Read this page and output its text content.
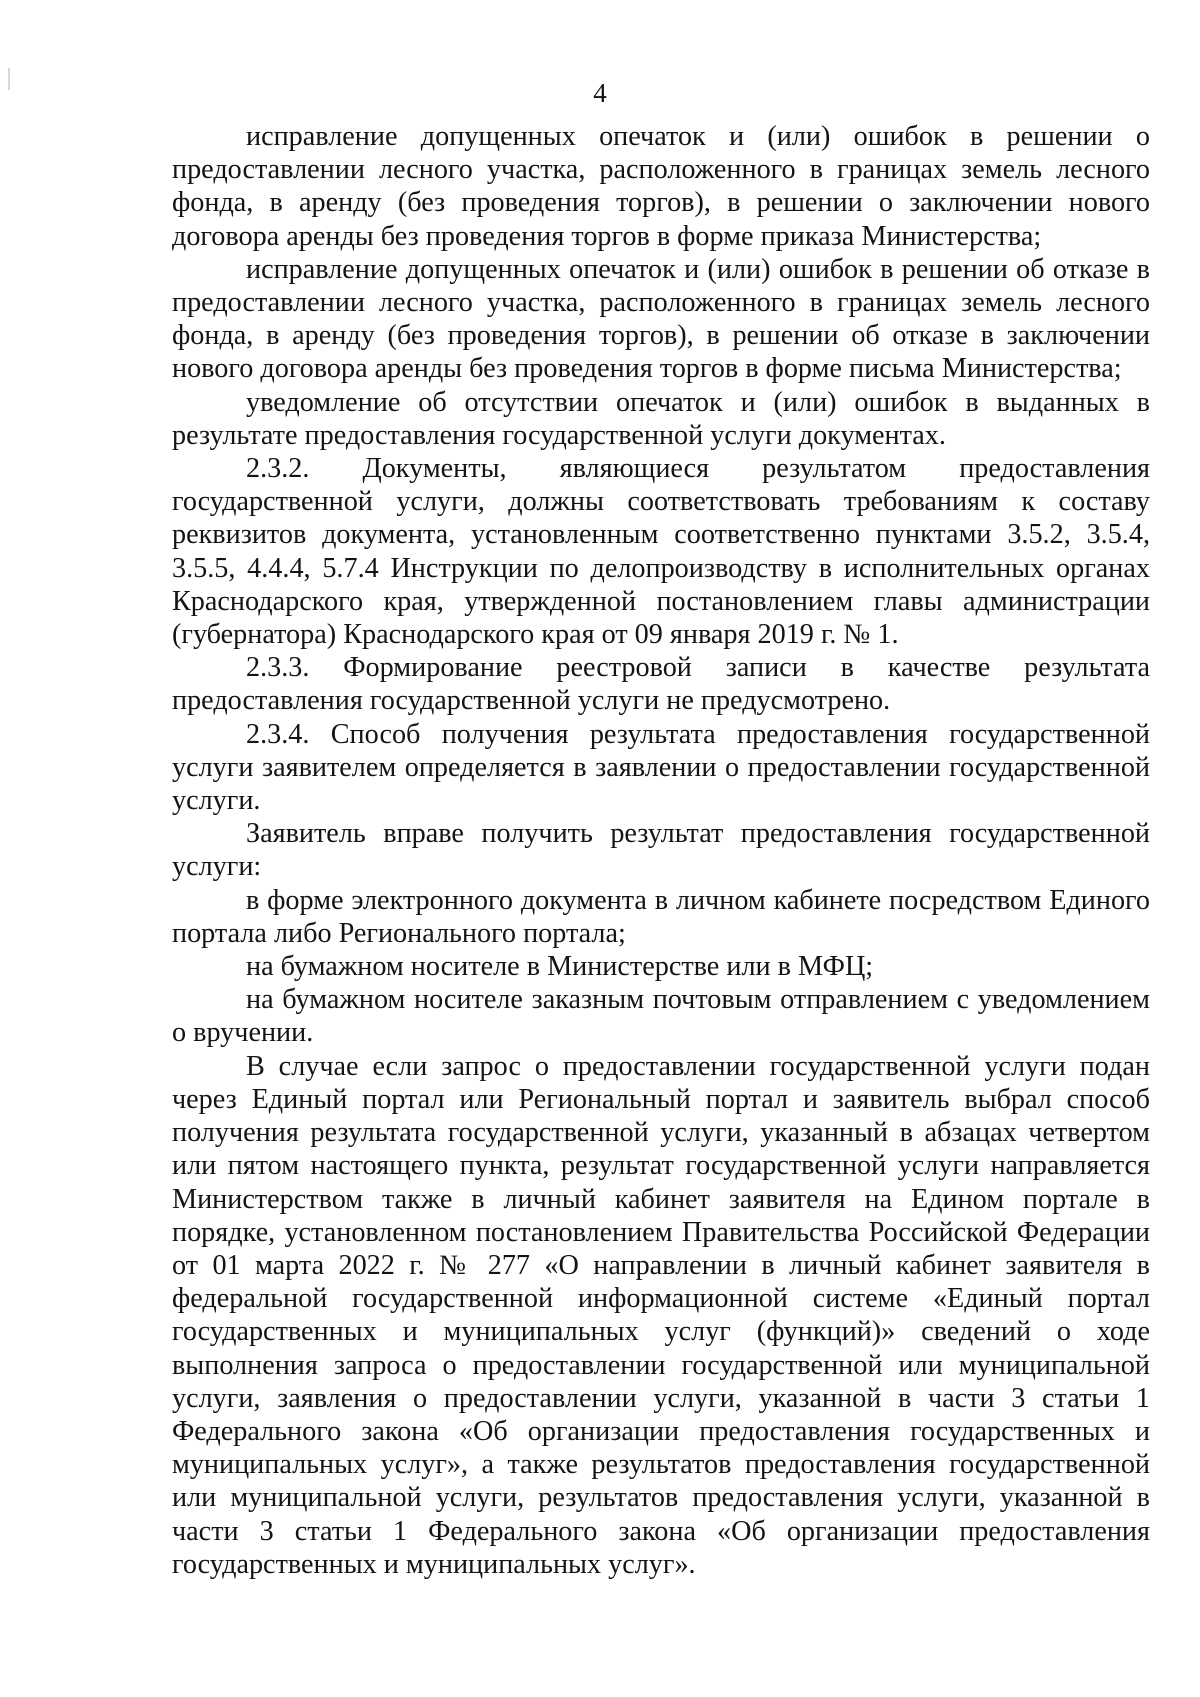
4

исправление допущенных опечаток и (или) ошибок в решении о предоставлении лесного участка, расположенного в границах земель лесного фонда, в аренду (без проведения торгов), в решении о заключении нового договора аренды без проведения торгов в форме приказа Министерства;

исправление допущенных опечаток и (или) ошибок в решении об отказе в предоставлении лесного участка, расположенного в границах земель лесного фонда, в аренду (без проведения торгов), в решении об отказе в заключении нового договора аренды без проведения торгов в форме письма Министерства;

уведомление об отсутствии опечаток и (или) ошибок в выданных в результате предоставления государственной услуги документах.

2.3.2. Документы, являющиеся результатом предоставления государственной услуги, должны соответствовать требованиям к составу реквизитов документа, установленным соответственно пунктами 3.5.2, 3.5.4, 3.5.5, 4.4.4, 5.7.4 Инструкции по делопроизводству в исполнительных органах Краснодарского края, утвержденной постановлением главы администрации (губернатора) Краснодарского края от 09 января 2019 г. № 1.

2.3.3. Формирование реестровой записи в качестве результата предоставления государственной услуги не предусмотрено.

2.3.4. Способ получения результата предоставления государственной услуги заявителем определяется в заявлении о предоставлении государственной услуги.

Заявитель вправе получить результат предоставления государственной услуги:

в форме электронного документа в личном кабинете посредством Единого портала либо Регионального портала;

на бумажном носителе в Министерстве или в МФЦ;

на бумажном носителе заказным почтовым отправлением с уведомлением о вручении.

В случае если запрос о предоставлении государственной услуги подан через Единый портал или Региональный портал и заявитель выбрал способ получения результата государственной услуги, указанный в абзацах четвертом или пятом настоящего пункта, результат государственной услуги направляется Министерством также в личный кабинет заявителя на Едином портале в порядке, установленном постановлением Правительства Российской Федерации от 01 марта 2022 г. № 277 «О направлении в личный кабинет заявителя в федеральной государственной информационной системе «Единый портал государственных и муниципальных услуг (функций)» сведений о ходе выполнения запроса о предоставлении государственной или муниципальной услуги, заявления о предоставлении услуги, указанной в части 3 статьи 1 Федерального закона «Об организации предоставления государственных и муниципальных услуг», а также результатов предоставления государственной или муниципальной услуги, результатов предоставления услуги, указанной в части 3 статьи 1 Федерального закона «Об организации предоставления государственных и муниципальных услуг».
